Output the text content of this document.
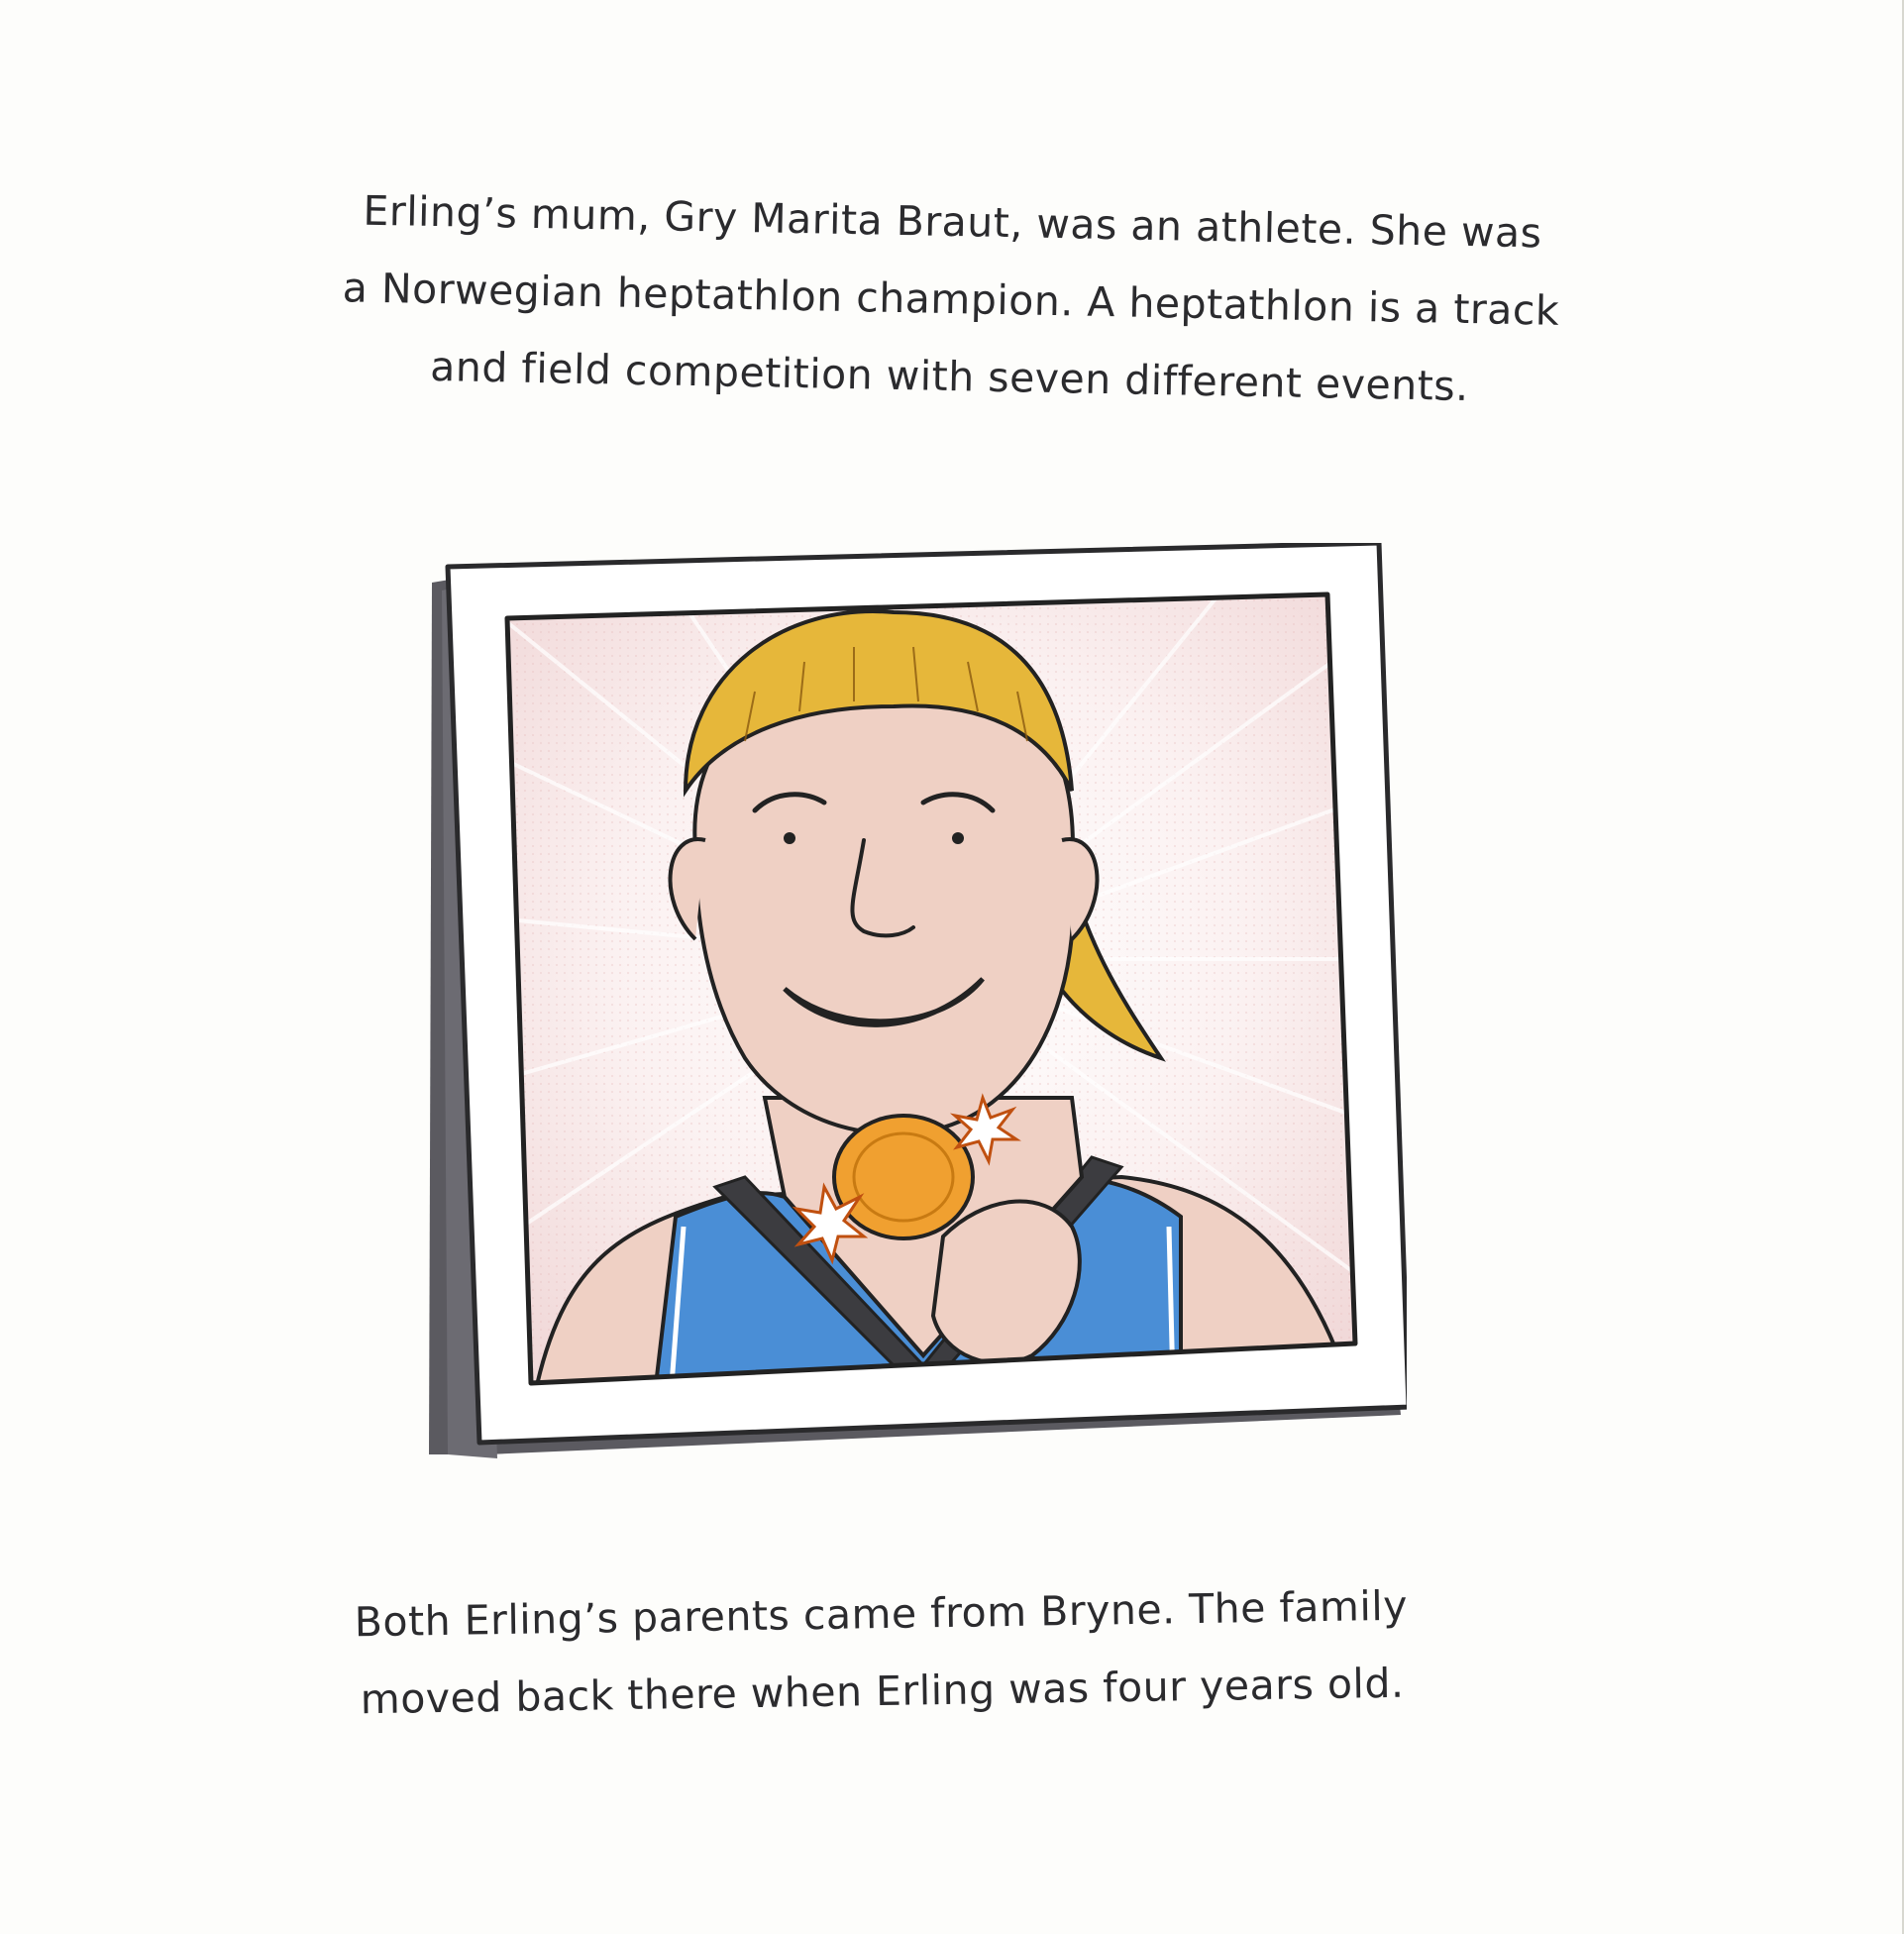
Erling’s mum, Gry Marita Braut, was an athlete. She was
a Norwegian heptathlon champion. A heptathlon is a track
and field competition with seven different events.
Both Erling’s parents came from Bryne. The family
moved back there when Erling was four years old.
